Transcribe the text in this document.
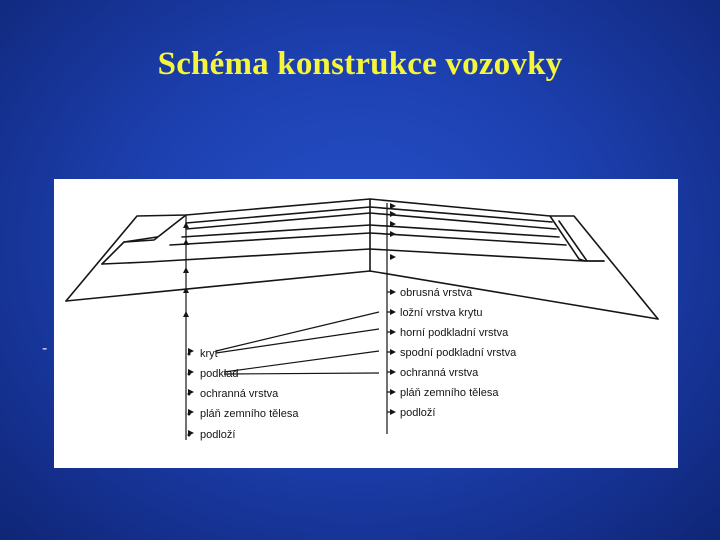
Schéma konstrukce vozovky
-	kryt
podklad
ochranná vrstva
pláň zemního tělesa
podloží
obrusná vrstva
ložní vrstva krytu
horní podkladní vrstva
spodní podkladní vrstva
ochranná vrstva
pláň zemního tělesa
podloží
